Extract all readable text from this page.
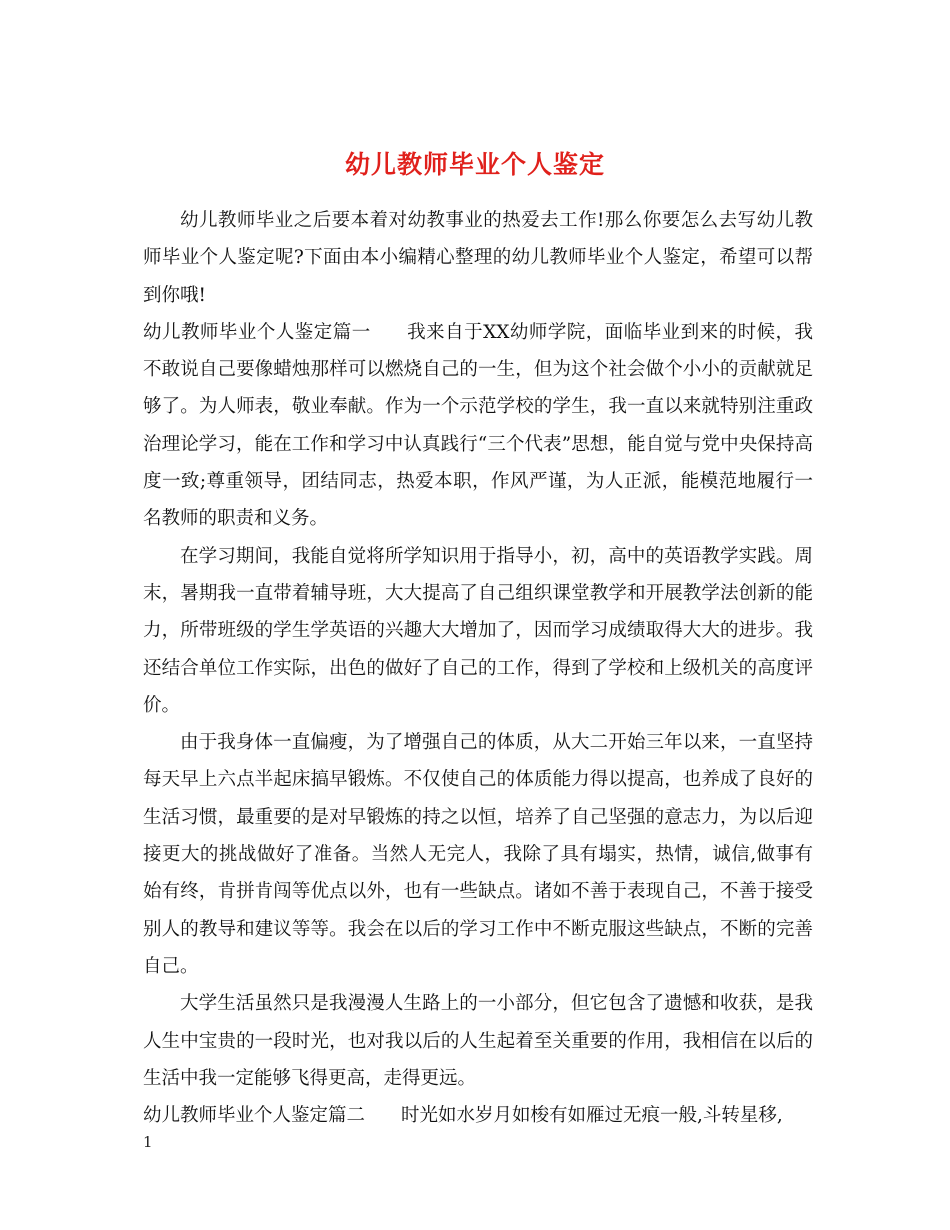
幼儿教师毕业个人鉴定

幼儿教师毕业之后要本着对幼教事业的热爱去工作!那么你要怎么去写幼儿教师毕业个人鉴定呢?下面由本小编精心整理的幼儿教师毕业个人鉴定，希望可以帮到你哦!

幼儿教师毕业个人鉴定篇一 我来自于XX幼师学院，面临毕业到来的时候，我不敢说自己要像蜡烛那样可以燃烧自己的一生，但为这个社会做个小小的贡献就足够了。为人师表，敬业奉献。作为一个示范学校的学生，我一直以来就特别注重政治理论学习，能在工作和学习中认真践行“三个代表”思想，能自觉与党中央保持高度一致;尊重领导，团结同志，热爱本职，作风严谨，为人正派，能模范地履行一名教师的职责和义务。

在学习期间，我能自觉将所学知识用于指导小，初，高中的英语教学实践。周末，暑期我一直带着辅导班，大大提高了自己组织课堂教学和开展教学法创新的能力，所带班级的学生学英语的兴趣大大增加了，因而学习成绩取得大大的进步。我还结合单位工作实际，出色的做好了自己的工作，得到了学校和上级机关的高度评价。

由于我身体一直偏瘦，为了增强自己的体质，从大二开始三年以来，一直坚持每天早上六点半起床搞早锻炼。不仅使自己的体质能力得以提高，也养成了良好的生活习惯，最重要的是对早锻炼的持之以恒，培养了自己坚强的意志力，为以后迎接更大的挑战做好了准备。当然人无完人，我除了具有塌实，热情，诚信,做事有始有终，肯拼肯闯等优点以外，也有一些缺点。诸如不善于表现自己，不善于接受别人的教导和建议等等。我会在以后的学习工作中不断克服这些缺点，不断的完善自己。

大学生活虽然只是我漫漫人生路上的一小部分，但它包含了遗憾和收获，是我人生中宝贵的一段时光，也对我以后的人生起着至关重要的作用，我相信在以后的生活中我一定能够飞得更高，走得更远。

幼儿教师毕业个人鉴定篇二 时光如水岁月如梭有如雁过无痕一般,斗转星移,

1
